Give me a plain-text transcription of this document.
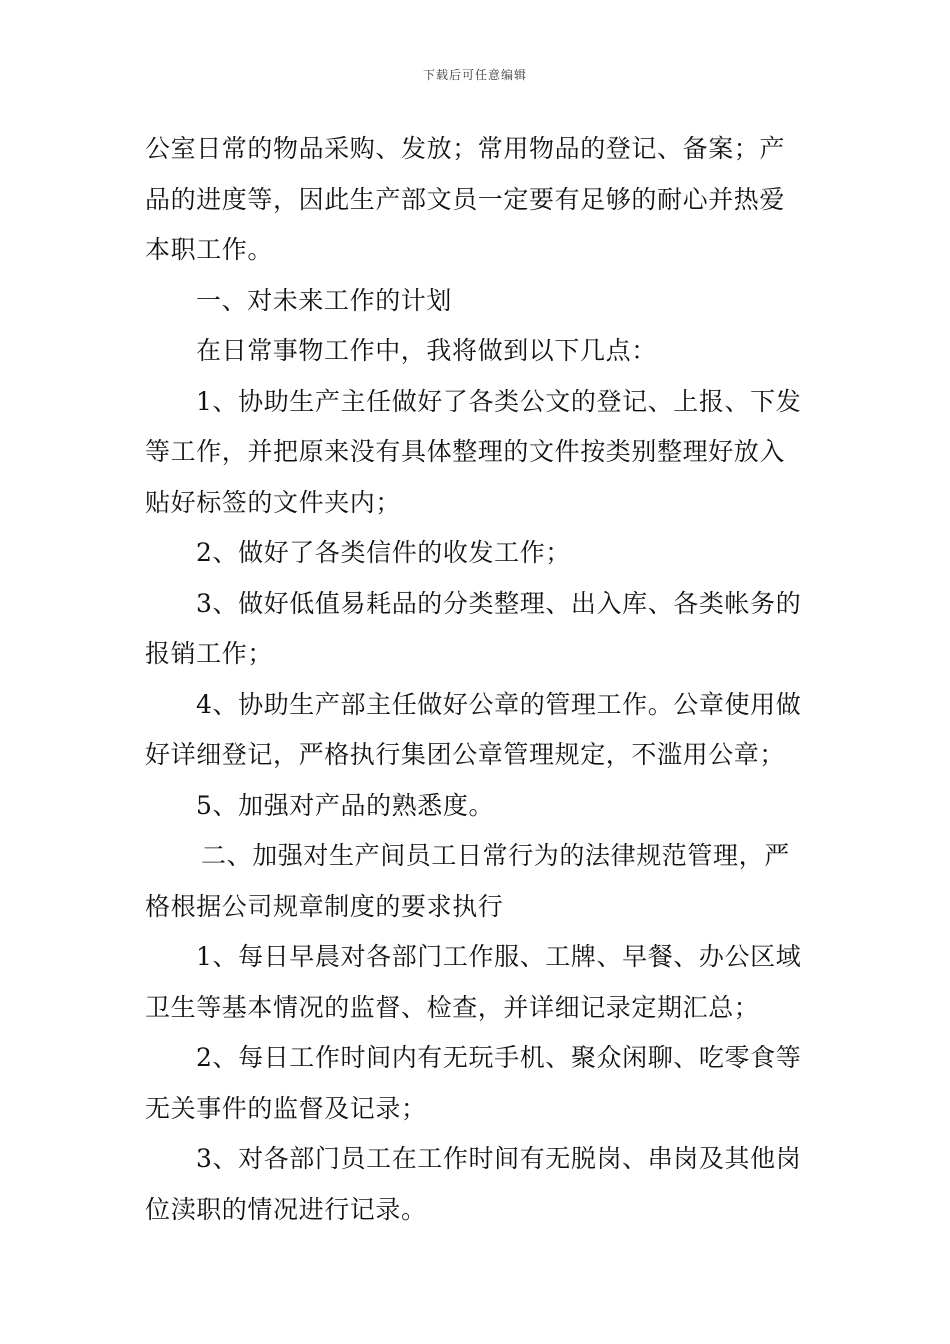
下载后可任意编辑
公室日常的物品采购、发放；常用物品的登记、备案；产
品的进度等，因此生产部文员一定要有足够的耐心并热爱
本职工作。
一、对未来工作的计划
在日常事物工作中，我将做到以下几点：
1、协助生产主任做好了各类公文的登记、上报、下发
等工作，并把原来没有具体整理的文件按类别整理好放入
贴好标签的文件夹内；
2、做好了各类信件的收发工作；
3、做好低值易耗品的分类整理、出入库、各类帐务的
报销工作；
4、协助生产部主任做好公章的管理工作。公章使用做
好详细登记，严格执行集团公章管理规定，不滥用公章；
5、加强对产品的熟悉度。
二、加强对生产间员工日常行为的法律规范管理，严
格根据公司规章制度的要求执行
1、每日早晨对各部门工作服、工牌、早餐、办公区域
卫生等基本情况的监督、检查，并详细记录定期汇总；
2、每日工作时间内有无玩手机、聚众闲聊、吃零食等
无关事件的监督及记录；
3、对各部门员工在工作时间有无脱岗、串岗及其他岗
位渎职的情况进行记录。
